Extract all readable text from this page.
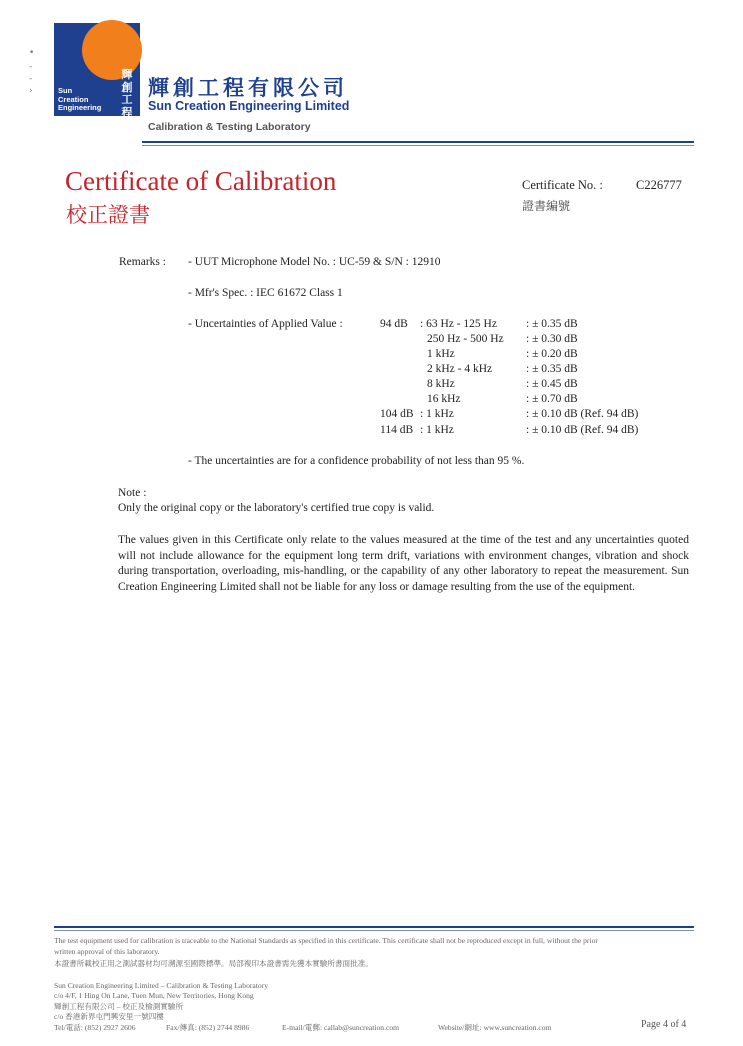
•
-
-
›	Sun
Creation
Engineering
輝
創
工
程
輝創工程有限公司
Sun Creation Engineering Limited
Calibration & Testing Laboratory
Certificate of Calibration
校正證書
Certificate No. :	C226777
證書編號
Remarks : - UUT Microphone Model No. : UC-59 & S/N : 12910
- Mfr's Spec. : IEC 61672 Class 1
- Uncertainties of Applied Value :	94 dB : 63 Hz - 125 Hz	: ± 0.35 dB
250 Hz - 500 Hz : ± 0.30 dB
1 kHz	: ± 0.20 dB
2 kHz - 4 kHz	: ± 0.35 dB
8 kHz	: ± 0.45 dB
16 kHz	: ± 0.70 dB
104 dB : 1 kHz	: ± 0.10 dB (Ref. 94 dB)
114 dB : 1 kHz	: ± 0.10 dB (Ref. 94 dB)
- The uncertainties are for a confidence probability of not less than 95 %.
Note :
Only the original copy or the laboratory's certified true copy is valid.
The values given in this Certificate only relate to the values measured at the time of the test and any uncertainties quoted will not include allowance for the equipment long term drift, variations with environment changes, vibration and shock during transportation, overloading, mis-handling, or the capability of any other laboratory to repeat the measurement. Sun Creation Engineering Limited shall not be liable for any loss or damage resulting from the use of the equipment.
The test equipment used for calibration is traceable to the National Standards as specified in this certificate. This certificate shall not be reproduced except in full, without the prior
written approval of this laboratory.
本證書所載校正用之測試器材均可溯源至國際標準。局部複印本證書需先獲本實驗所書面批准。
Sun Creation Engineering Limited – Calibration & Testing Laboratory
c/o 4/F, 1 Hing On Lane, Tuen Mun, New Territories, Hong Kong
輝創工程有限公司 – 校正及檢測實驗所
c/o 香港新界屯門興安里一號四樓
Tel/電話: (852) 2927 2606	Fax/傳真: (852) 2744 8986	E-mail/電郵: callab@suncreation.com	Website/網址: www.suncreation.com	Page 4 of 4
